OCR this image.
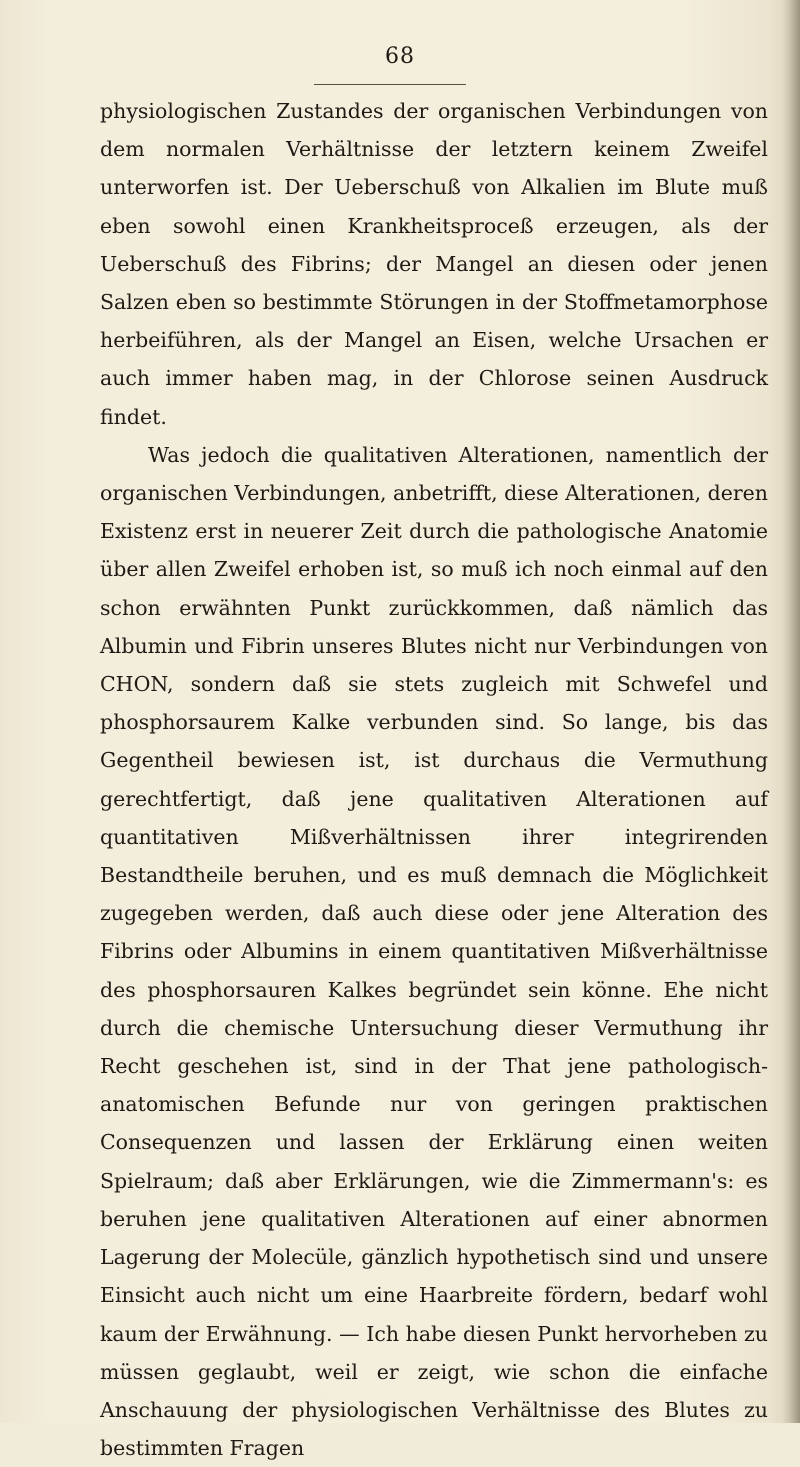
68

physiologischen Zustandes der organischen Verbindungen von dem normalen Verhältnisse der letztern keinem Zweifel unterworfen ist. Der Ueberschuß von Alkalien im Blute muß eben sowohl einen Krankheitsproceß erzeugen, als der Ueberschuß des Fibrins; der Mangel an diesen oder jenen Salzen eben so bestimmte Störungen in der Stoffmetamorphose herbeiführen, als der Mangel an Eisen, welche Ursachen er auch immer haben mag, in der Chlorose seinen Ausdruck findet.

Was jedoch die qualitativen Alterationen, namentlich der organischen Verbindungen, anbetrifft, diese Alterationen, deren Existenz erst in neuerer Zeit durch die pathologische Anatomie über allen Zweifel erhoben ist, so muß ich noch einmal auf den schon erwähnten Punkt zurückkommen, daß nämlich das Albumin und Fibrin unseres Blutes nicht nur Verbindungen von CHON, sondern daß sie stets zugleich mit Schwefel und phosphorsaurem Kalke verbunden sind. So lange, bis das Gegentheil bewiesen ist, ist durchaus die Vermuthung gerechtfertigt, daß jene qualitativen Alterationen auf quantitativen Mißverhältnissen ihrer integrirenden Bestandtheile beruhen, und es muß demnach die Möglichkeit zugegeben werden, daß auch diese oder jene Alteration des Fibrins oder Albumins in einem quantitativen Mißverhältnisse des phosphorsauren Kalkes begründet sein könne. Ehe nicht durch die chemische Untersuchung dieser Vermuthung ihr Recht geschehen ist, sind in der That jene pathologisch-anatomischen Befunde nur von geringen praktischen Consequenzen und lassen der Erklärung einen weiten Spielraum; daß aber Erklärungen, wie die Zimmermann's: es beruhen jene qualitativen Alterationen auf einer abnormen Lagerung der Molecüle, gänzlich hypothetisch sind und unsere Einsicht auch nicht um eine Haarbreite fördern, bedarf wohl kaum der Erwähnung. — Ich habe diesen Punkt hervorheben zu müssen geglaubt, weil er zeigt, wie schon die einfache Anschauung der physiologischen Verhältnisse des Blutes zu bestimmten Fragen
